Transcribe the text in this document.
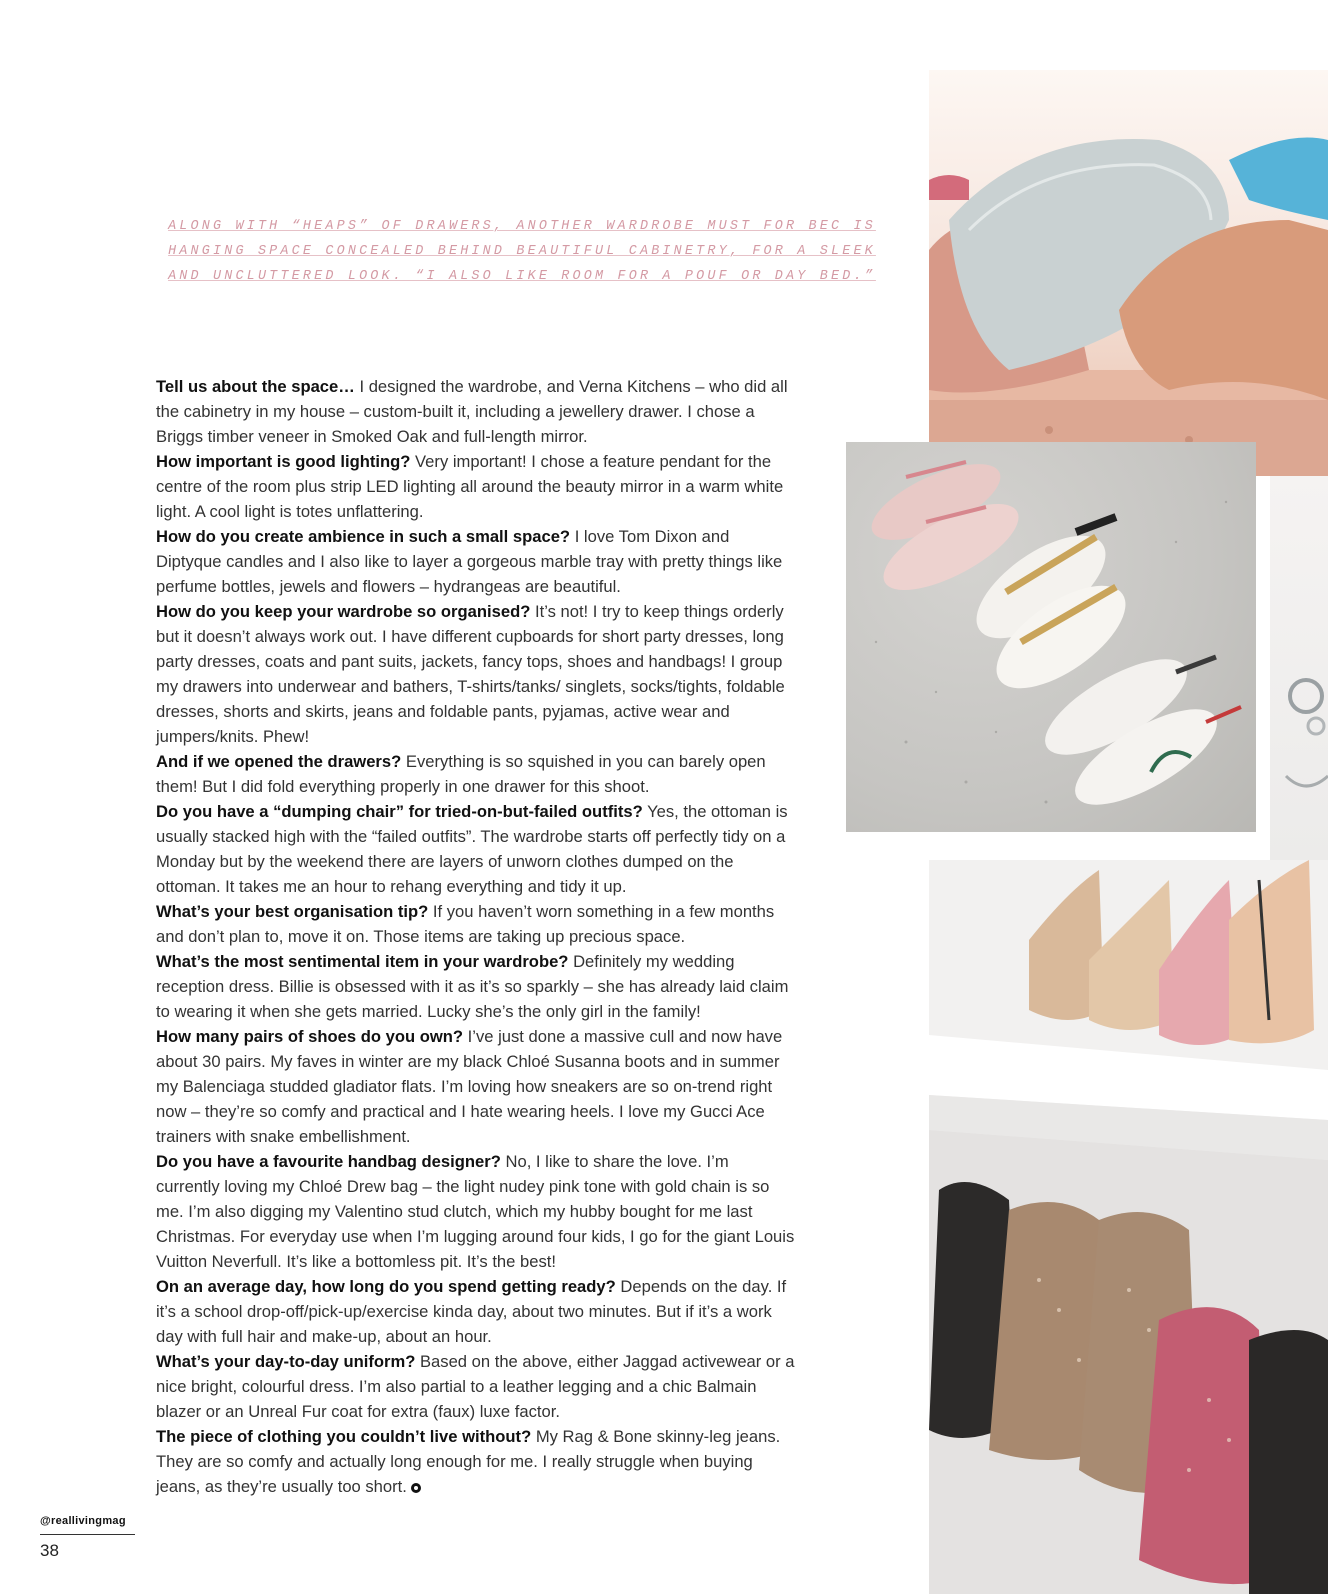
ALONG WITH “HEAPS” OF DRAWERS, ANOTHER WARDROBE MUST FOR BEC IS
HANGING SPACE CONCEALED BEHIND BEAUTIFUL CABINETRY, FOR A SLEEK
AND UNCLUTTERED LOOK. “I ALSO LIKE ROOM FOR A POUF OR DAY BED.”

Tell us about the space… I designed the wardrobe, and Verna Kitchens – who did all the cabinetry in my house – custom-built it, including a jewellery drawer. I chose a Briggs timber veneer in Smoked Oak and full-length mirror.

How important is good lighting? Very important! I chose a feature pendant for the centre of the room plus strip LED lighting all around the beauty mirror in a warm white light. A cool light is totes unflattering.

How do you create ambience in such a small space? I love Tom Dixon and Diptyque candles and I also like to layer a gorgeous marble tray with pretty things like perfume bottles, jewels and flowers – hydrangeas are beautiful.

How do you keep your wardrobe so organised? It’s not! I try to keep things orderly but it doesn’t always work out. I have different cupboards for short party dresses, long party dresses, coats and pant suits, jackets, fancy tops, shoes and handbags! I group my drawers into underwear and bathers, T-shirts/tanks/ singlets, socks/tights, foldable dresses, shorts and skirts, jeans and foldable pants, pyjamas, active wear and jumpers/knits. Phew!

And if we opened the drawers? Everything is so squished in you can barely open them! But I did fold everything properly in one drawer for this shoot.

Do you have a “dumping chair” for tried-on-but-failed outfits? Yes, the ottoman is usually stacked high with the “failed outfits”. The wardrobe starts off perfectly tidy on a Monday but by the weekend there are layers of unworn clothes dumped on the ottoman. It takes me an hour to rehang everything and tidy it up.

What’s your best organisation tip? If you haven’t worn something in a few months and don’t plan to, move it on. Those items are taking up precious space.

What’s the most sentimental item in your wardrobe? Definitely my wedding reception dress. Billie is obsessed with it as it’s so sparkly – she has already laid claim to wearing it when she gets married. Lucky she’s the only girl in the family!

How many pairs of shoes do you own? I’ve just done a massive cull and now have about 30 pairs. My faves in winter are my black Chloé Susanna boots and in summer my Balenciaga studded gladiator flats. I’m loving how sneakers are so on-trend right now – they’re so comfy and practical and I hate wearing heels. I love my Gucci Ace trainers with snake embellishment.

Do you have a favourite handbag designer? No, I like to share the love. I’m currently loving my Chloé Drew bag – the light nudey pink tone with gold chain is so me. I’m also digging my Valentino stud clutch, which my hubby bought for me last Christmas. For everyday use when I’m lugging around four kids, I go for the giant Louis Vuitton Neverfull. It’s like a bottomless pit. It’s the best!

On an average day, how long do you spend getting ready? Depends on the day. If it’s a school drop-off/pick-up/exercise kinda day, about two minutes. But if it’s a work day with full hair and make-up, about an hour.

What’s your day-to-day uniform? Based on the above, either Jaggad activewear or a nice bright, colourful dress. I’m also partial to a leather legging and a chic Balmain blazer or an Unreal Fur coat for extra (faux) luxe factor.

The piece of clothing you couldn’t live without? My Rag & Bone skinny-leg jeans. They are so comfy and actually long enough for me. I really struggle when buying jeans, as they’re usually too short.

@reallivingmag
38
